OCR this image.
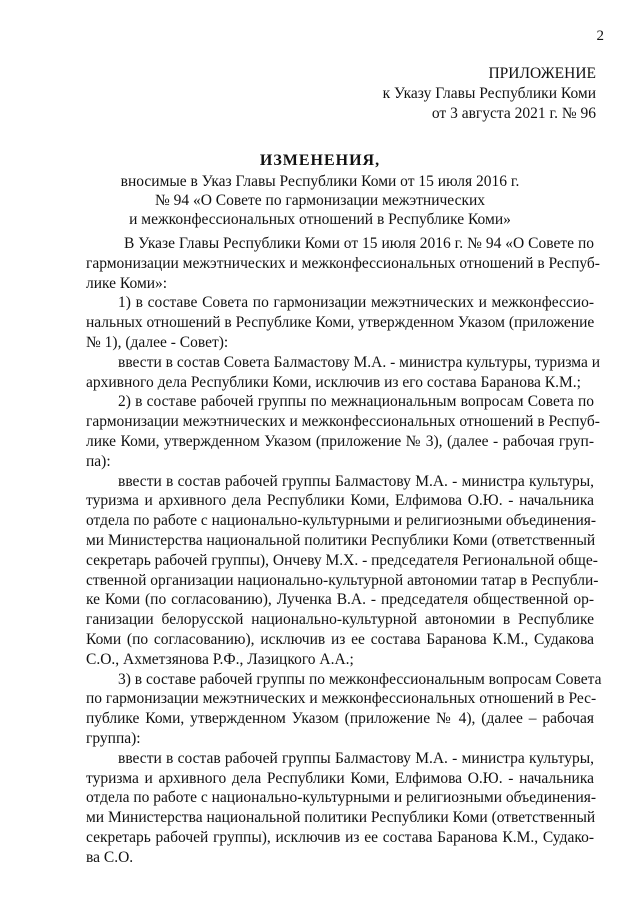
2
ПРИЛОЖЕНИЕ
к Указу Главы Республики Коми
от 3 августа 2021 г. № 96
ИЗМЕНЕНИЯ,
вносимые в Указ Главы Республики Коми от 15 июля 2016 г.
№ 94 «О Совете по гармонизации межэтнических
и межконфессиональных отношений в Республике Коми»
В Указе Главы Республики Коми от 15 июля 2016 г. № 94 «О Совете по
гармонизации межэтнических и межконфессиональных отношений в Респуб-
лике Коми»:
1) в составе Совета по гармонизации межэтнических и межконфессио-
нальных отношений в Республике Коми, утвержденном Указом (приложение
№ 1), (далее - Совет):
ввести в состав Совета Балмастову М.А. - министра культуры, туризма и
архивного дела Республики Коми, исключив из его состава Баранова К.М.;
2) в составе рабочей группы по межнациональным вопросам Совета по
гармонизации межэтнических и межконфессиональных отношений в Респуб-
лике Коми, утвержденном Указом (приложение № 3), (далее - рабочая груп-
па):
ввести в состав рабочей группы Балмастову М.А. - министра культуры,
туризма и архивного дела Республики Коми, Елфимова О.Ю. - начальника
отдела по работе с национально-культурными и религиозными объединения-
ми Министерства национальной политики Республики Коми (ответственный
секретарь рабочей группы), Ончеву М.Х. - председателя Региональной обще-
ственной организации национально-культурной автономии татар в Республи-
ке Коми (по согласованию), Лученка В.А. - председателя общественной ор-
ганизации белорусской национально-культурной автономии в Республике
Коми (по согласованию), исключив из ее состава Баранова К.М., Судакова
С.О., Ахметзянова Р.Ф., Лазицкого А.А.;
3) в составе рабочей группы по межконфессиональным вопросам Совета
по гармонизации межэтнических и межконфессиональных отношений в Рес-
публике Коми, утвержденном Указом (приложение № 4), (далее – рабочая
группа):
ввести в состав рабочей группы Балмастову М.А. - министра культуры,
туризма и архивного дела Республики Коми, Елфимова О.Ю. - начальника
отдела по работе с национально-культурными и религиозными объединения-
ми Министерства национальной политики Республики Коми (ответственный
секретарь рабочей группы), исключив из ее состава Баранова К.М., Судако-
ва С.О.
